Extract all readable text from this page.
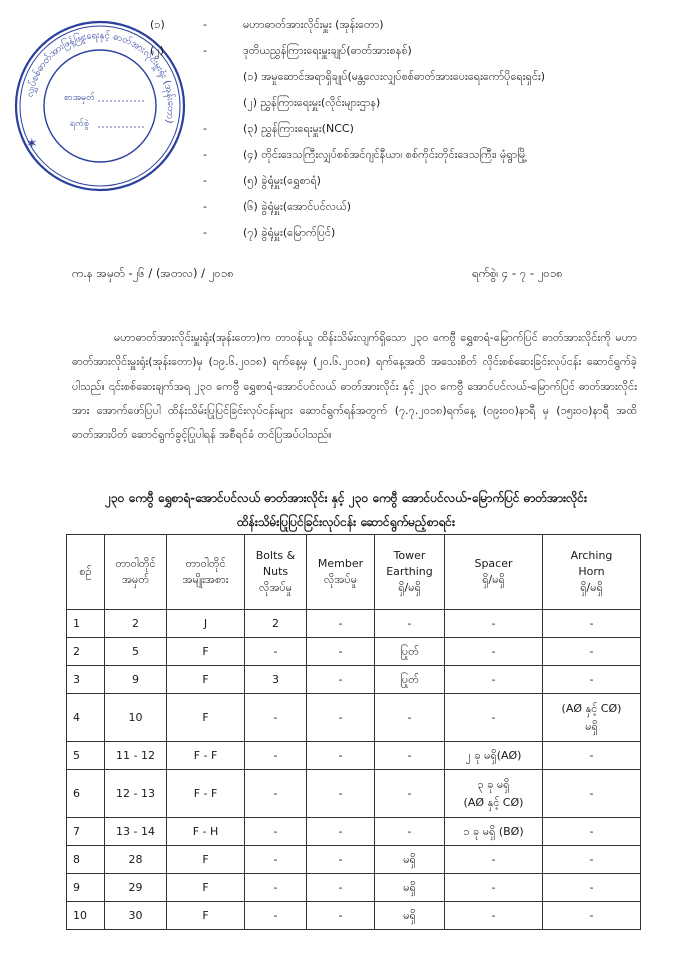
လျှပ်စစ်ဓာတ်အားဖြန့်ဖြူးရေးနှင့် ဓာတ်အားလိုင်းမှူးရုံး (အုန်းတော)
✶
စာအမှတ်
ရက်စွဲ
(၁)	-	မဟာဓာတ်အားလိုင်းမှူး (အုန်းတော)
(၂)	-	ဒုတိယညွှန်ကြားရေးမှူးချုပ်(ဓာတ်အားစနစ်)
(၁) အမှုဆောင်အရာရှိချုပ်(မန္တလေးလျှပ်စစ်ဓာတ်အားပေးရေးကော်ပိုရေးရှင်း)
(၂) ညွှန်ကြားရေးမှူး(လိုင်းများဌာန)
-	(၃) ညွှန်ကြားရေးမှူး(NCC)
-	(၄) တိုင်းဒေသကြီးလျှပ်စစ်အင်ဂျင်နီယာ၊ စစ်ကိုင်းတိုင်းဒေသကြီး၊ မုံရွာမြို့
-	(၅) ခွဲရုံမှူး(ရွှေစာရံ)
-	(၆) ခွဲရုံမှူး(အောင်ပင်လယ်)
-	(၇) ခွဲရုံမှူး(မြောက်ပြင်)
က.န အမှတ် -၂၆ / (အတလ) / ၂၀၁၈	ရက်စွဲ၊ ၄ - ၇ - ၂၀၁၈
မဟာဓာတ်အားလိုင်းမှူးရုံး(အုန်းတော)က တာဝန်ယူ ထိန်းသိမ်းလျက်ရှိသော ၂၃၀ ကေဗွီ ရွှေစာရံ-မြောက်ပြင် ဓာတ်အားလိုင်းကို မဟာဓာတ်အားလိုင်းမှူးရုံး(အုန်းတော)မှ (၁၉.၆.၂၀၁၈) ရက်နေ့မှ (၂၀.၆.၂၀၁၈) ရက်နေ့အထိ အသေးစိတ် လိုင်းစစ်ဆေးခြင်းလုပ်ငန်း ဆောင်ရွက်ခဲ့ပါသည်။ ၎င်းစစ်ဆေးချက်အရ ၂၃၀ ကေဗွီ ရွှေစာရံ-အောင်ပင်လယ် ဓာတ်အားလိုင်း နှင့် ၂၃၀ ကေဗွီ အောင်ပင်လယ်-မြောက်ပြင် ဓာတ်အားလိုင်းအား အောက်ဖော်ပြပါ ထိန်းသိမ်းပြုပြင်ခြင်းလုပ်ငန်းများ ဆောင်ရွက်ရန်အတွက် (၇.၇.၂၀၁၈)ရက်နေ့ (၀၉း၀၀)နာရီ မှ (၁၅း၀၀)နာရီ အထိ ဓာတ်အားပိတ် ဆောင်ရွက်ခွင့်ပြုပါရန် အစီရင်ခံ တင်ပြအပ်ပါသည်။
၂၃၀ ကေဗွီ ရွှေစာရံ-အောင်ပင်လယ် ဓာတ်အားလိုင်း နှင့် ၂၃၀ ကေဗွီ အောင်ပင်လယ်-မြောက်ပြင် ဓာတ်အားလိုင်း
ထိန်းသိမ်းပြုပြင်ခြင်းလုပ်ငန်း ဆောင်ရွက်မည့်စာရင်း
စဉ်	တာဝါတိုင်
အမှတ်	တာဝါတိုင်
အမျိုးအစား	Bolts &
Nuts
လိုအပ်မှု	Member
လိုအပ်မှု	Tower
Earthing
ရှိ/မရှိ	Spacer
ရှိ/မရှိ	Arching
Horn
ရှိ/မရှိ

1	2	J	2	-	-	-	-

2	5	F	-	-	ပြုတ်	-	-

3	9	F	3	-	ပြုတ်	-	-

4	10	F	-	-	-	-	(AØ နှင့် CØ)
မရှိ

5	11 - 12	F - F	-	-	-	၂ ခု မရှိ(AØ)	-

6	12 - 13	F - F	-	-	-	၃ ခု မရှိ
(AØ နှင့် CØ)	-

7	13 - 14	F - H	-	-	-	၁ ခု မရှိ (BØ)	-

8	28	F	-	-	မရှိ	-	-

9	29	F	-	-	မရှိ	-	-

10	30	F	-	-	မရှိ	-	-
